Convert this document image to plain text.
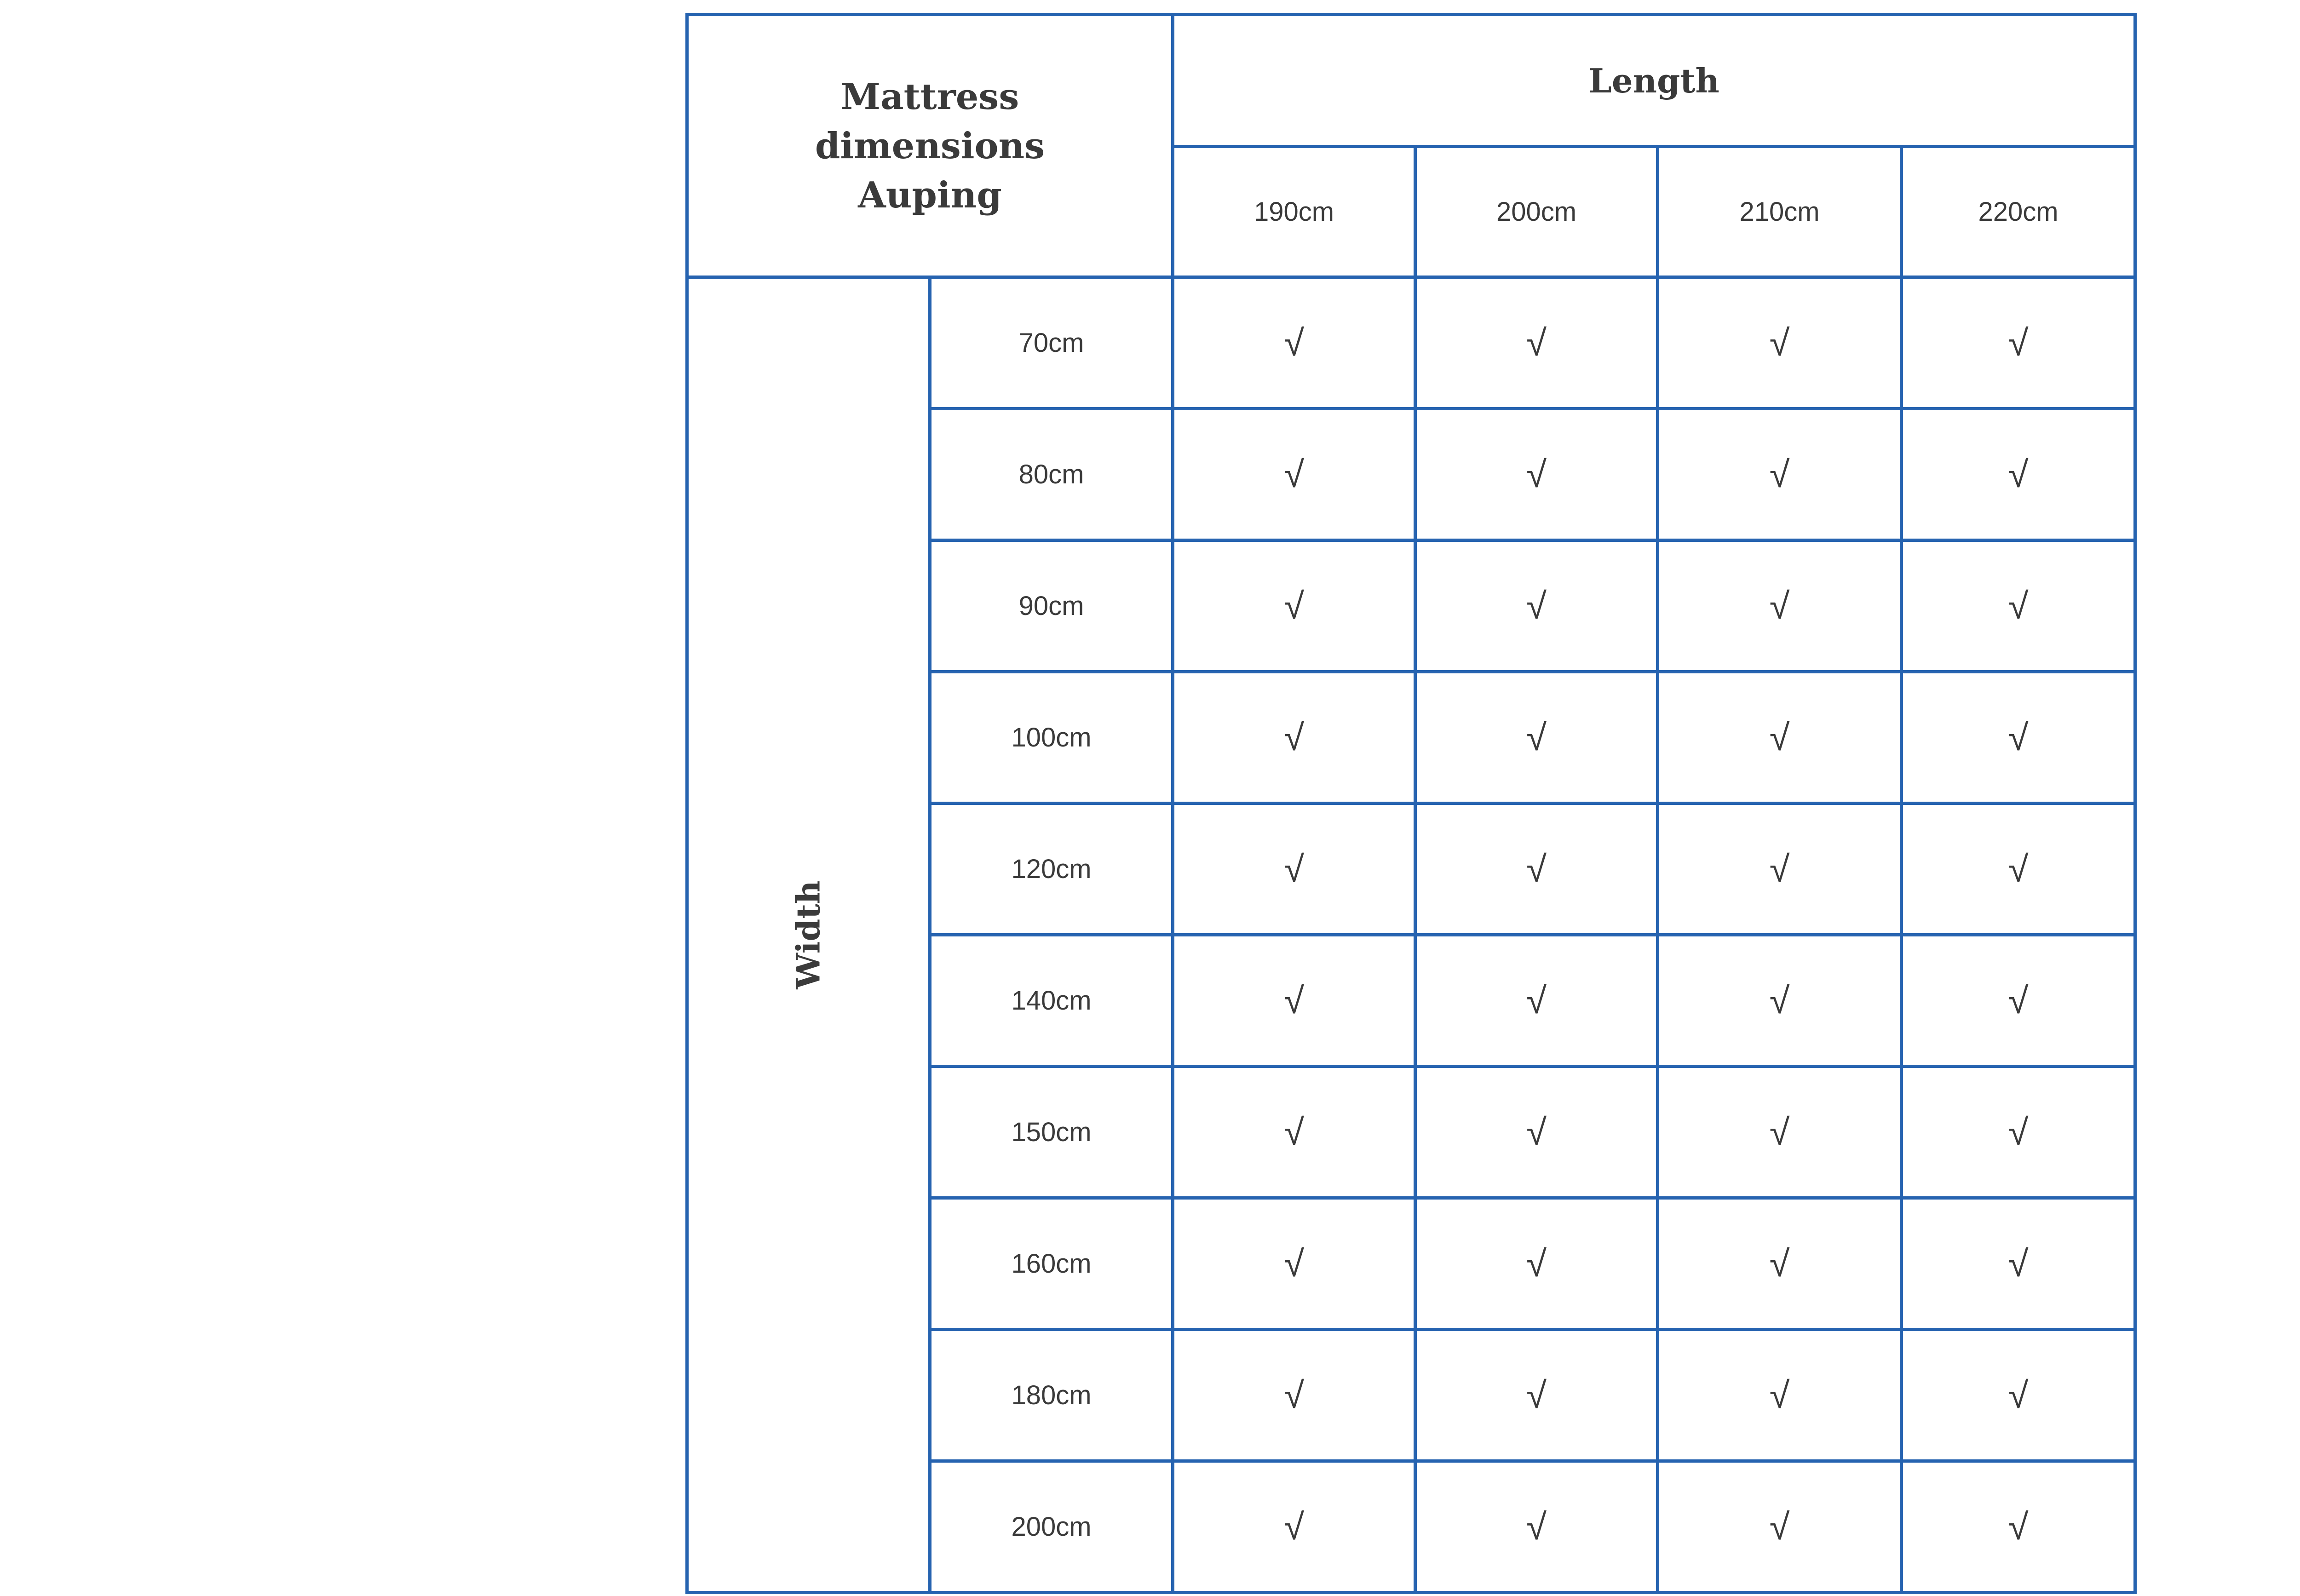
Mattress
dimensions
Auping		Length			
		190cm	200cm	210cm	220cm
Width	70cm	√	√	√	√
	80cm	√	√	√	√
	90cm	√	√	√	√
	100cm	√	√	√	√
	120cm	√	√	√	√
	140cm	√	√	√	√
	150cm	√	√	√	√
	160cm	√	√	√	√
	180cm	√	√	√	√
	200cm	√	√	√	√
